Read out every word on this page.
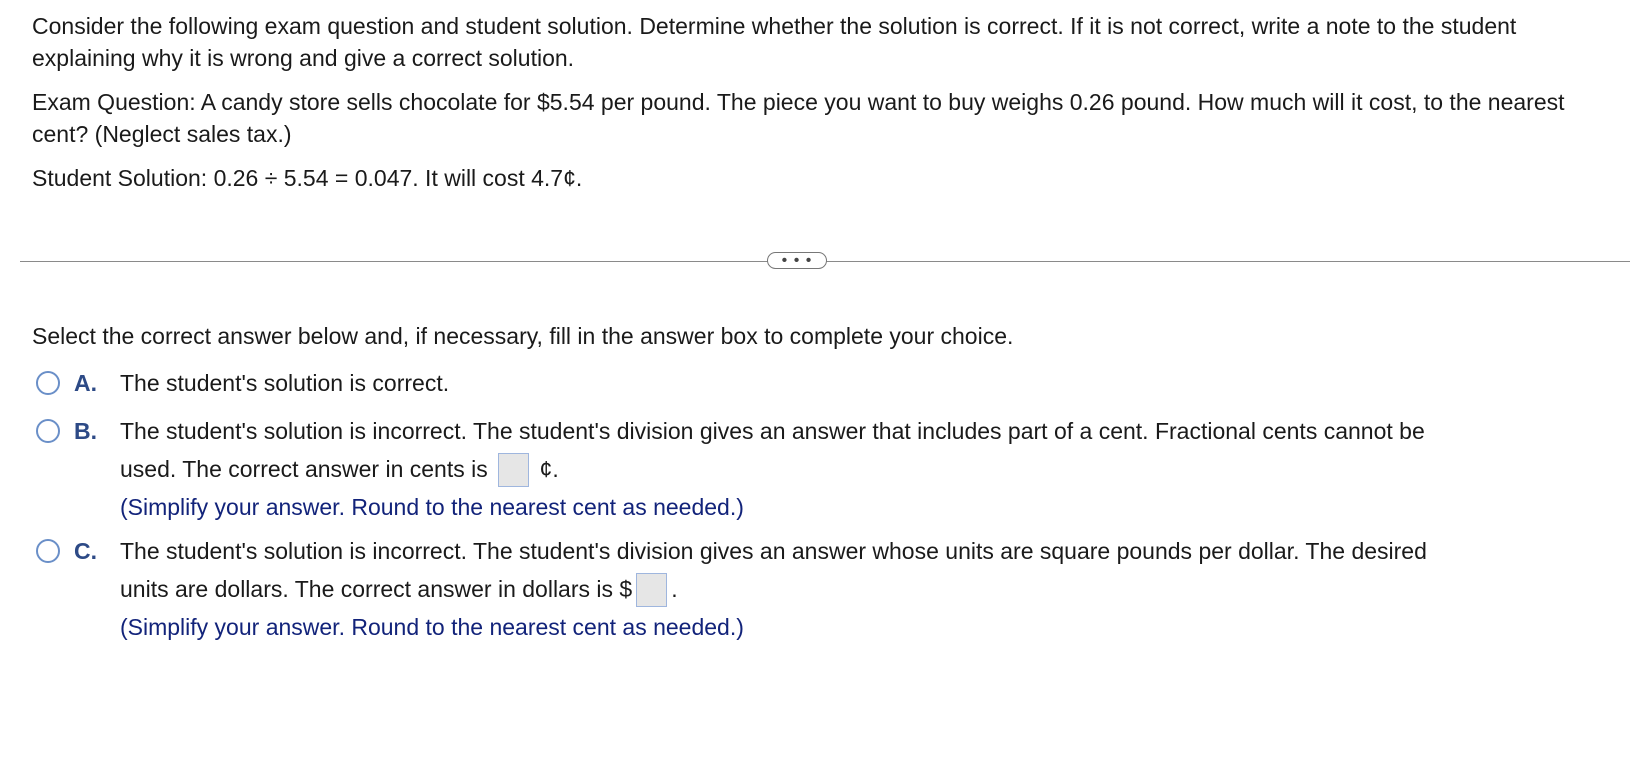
Consider the following exam question and student solution. Determine whether the solution is correct. If it is not correct, write a note to the student explaining why it is wrong and give a correct solution.

Exam Question: A candy store sells chocolate for $5.54 per pound. The piece you want to buy weighs 0.26 pound. How much will it cost, to the nearest cent? (Neglect sales tax.)

Student Solution: 0.26 ÷ 5.54 = 0.047. It will cost 4.7¢.

• • •

Select the correct answer below and, if necessary, fill in the answer box to complete your choice.

A. The student's solution is correct.
B. The student's solution is incorrect. The student's division gives an answer that includes part of a cent. Fractional cents cannot be
used. The correct answer in cents is ¢.
(Simplify your answer. Round to the nearest cent as needed.)
C. The student's solution is incorrect. The student's division gives an answer whose units are square pounds per dollar. The desired
units are dollars. The correct answer in dollars is $ .
(Simplify your answer. Round to the nearest cent as needed.)
